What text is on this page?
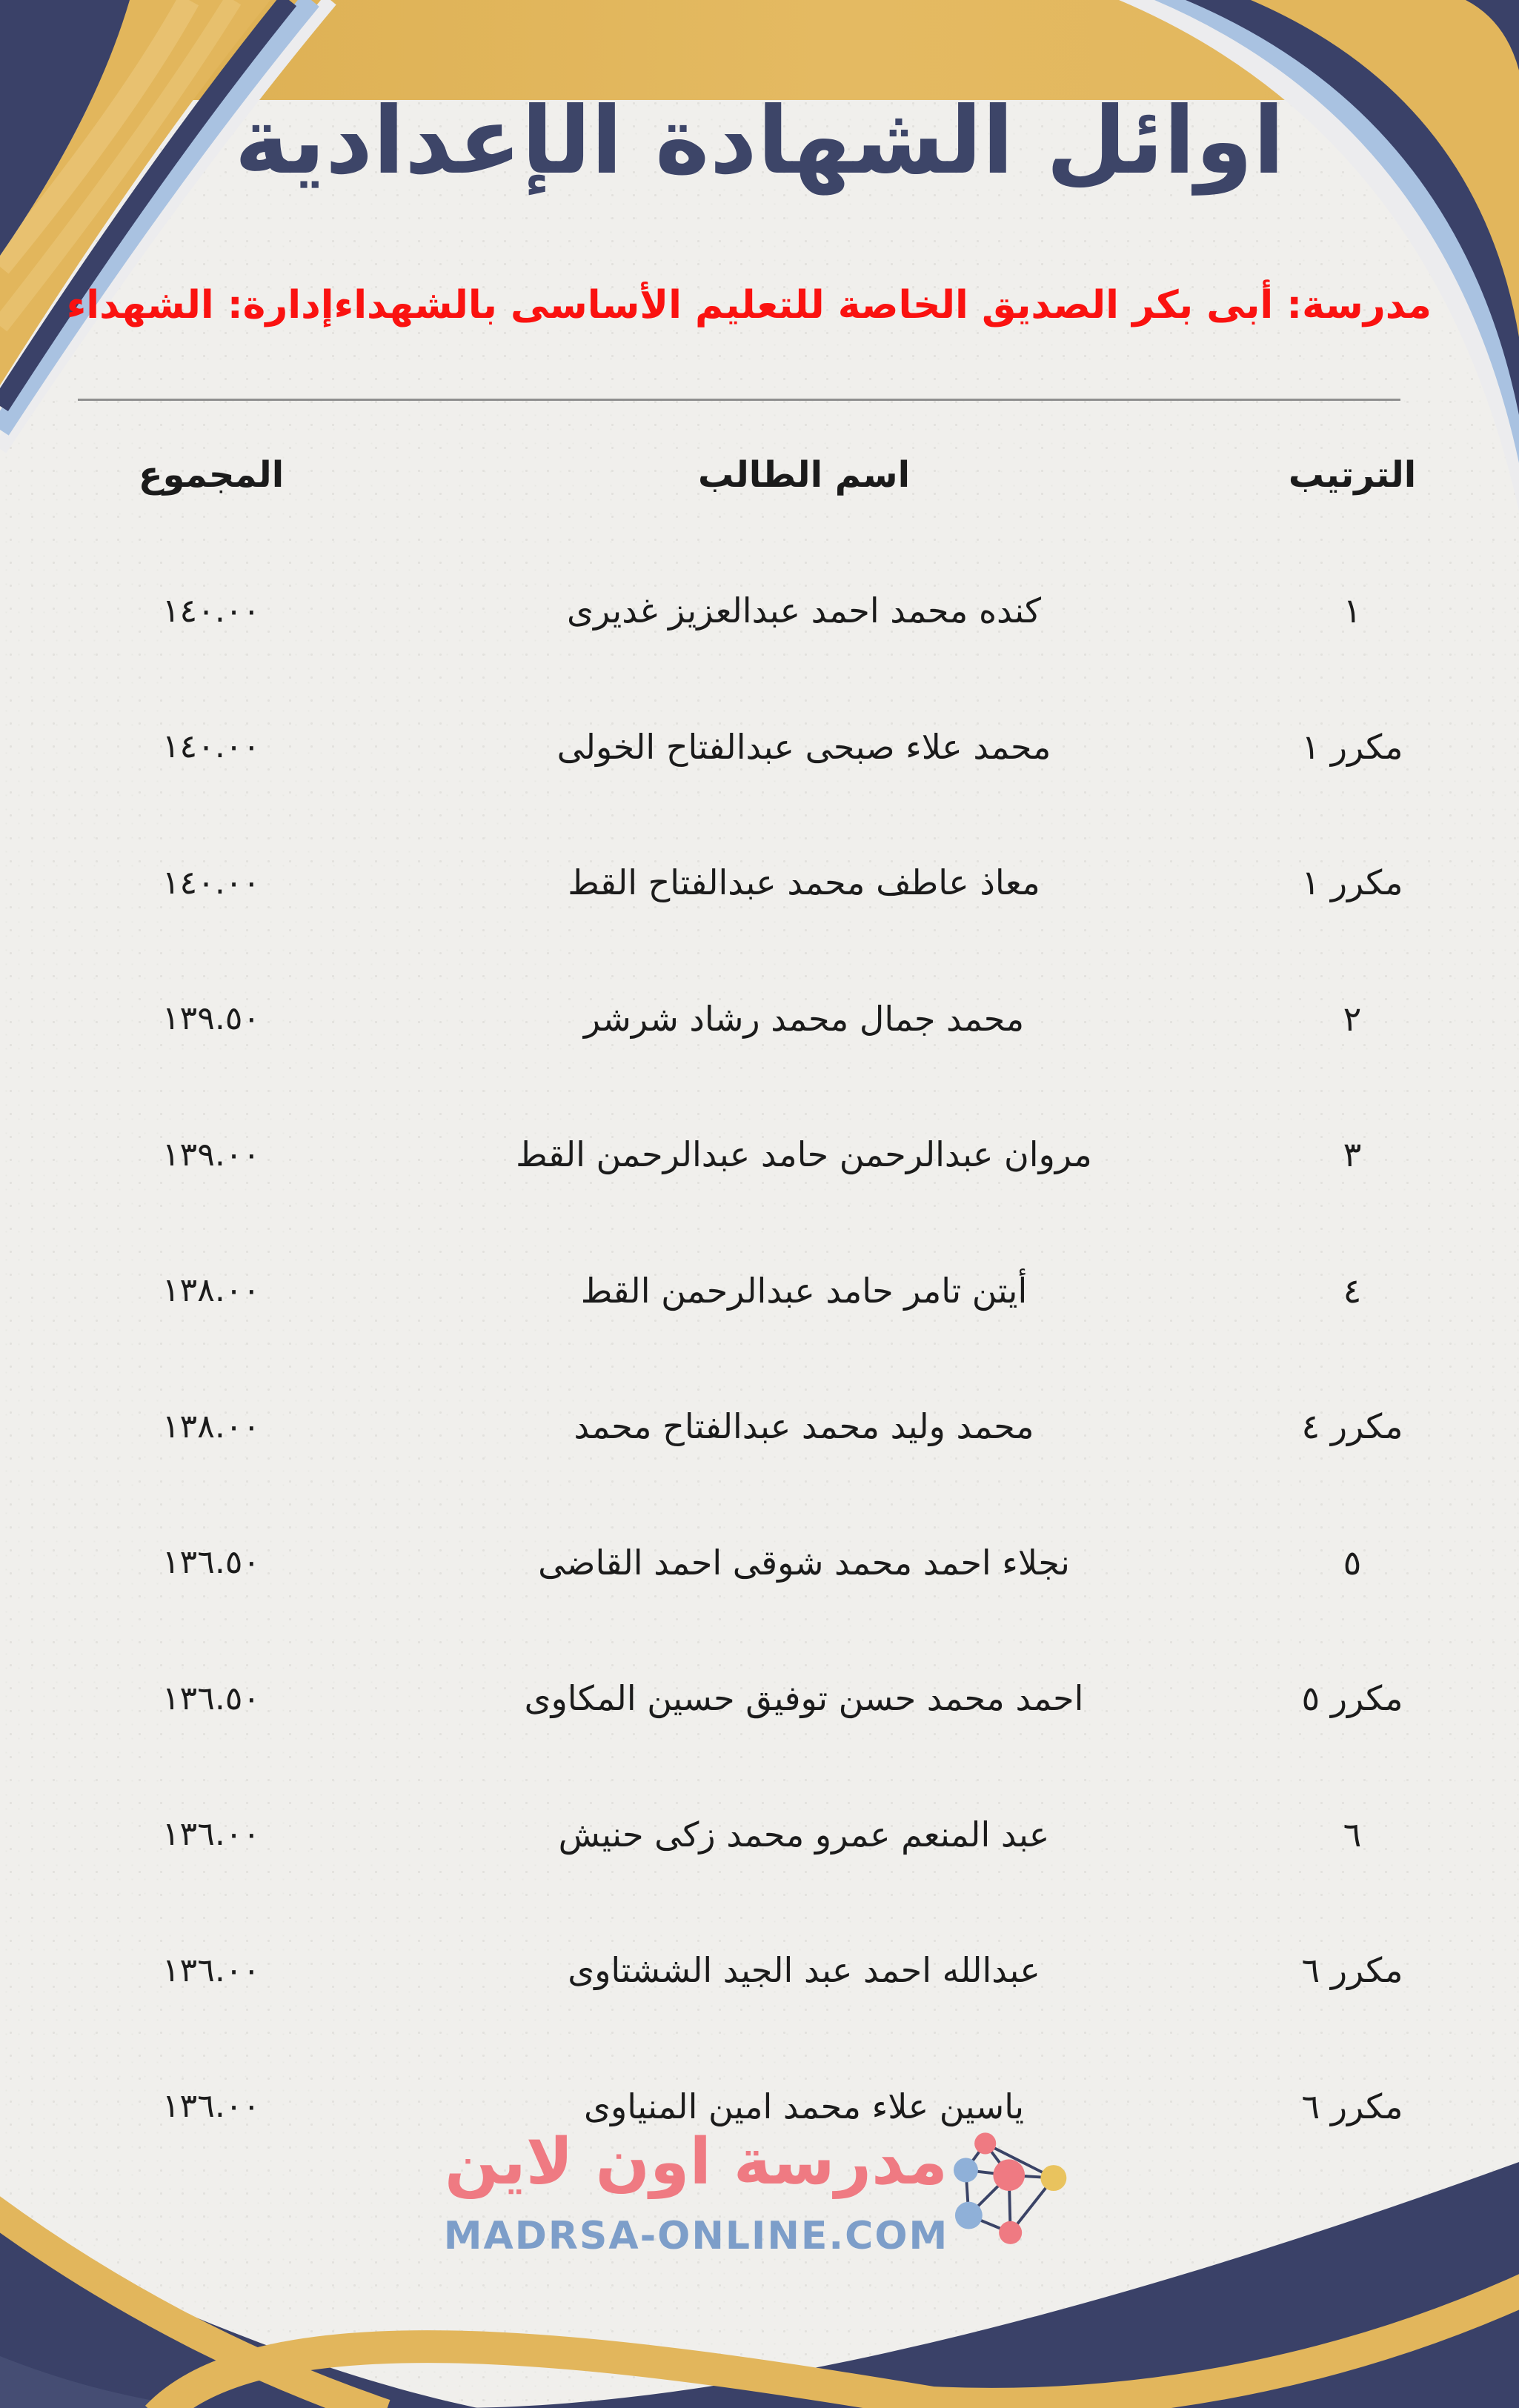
اوائل الشهادة الإعدادية
مدرسة: أبى بكر الصديق الخاصة للتعليم الأساسى بالشهداء
إدارة: الشهداء
الترتيب
اسم الطالب
المجموع
١
كنده محمد احمد عبدالعزيز غديرى
١٤٠.٠٠
مكرر ١
محمد علاء صبحى عبدالفتاح الخولى
١٤٠.٠٠
مكرر ١
معاذ عاطف محمد عبدالفتاح القط
١٤٠.٠٠
٢
محمد جمال محمد رشاد شرشر
١٣٩.٥٠
٣
مروان عبدالرحمن حامد عبدالرحمن القط
١٣٩.٠٠
٤
أيتن تامر حامد عبدالرحمن القط
١٣٨.٠٠
مكرر ٤
محمد وليد محمد عبدالفتاح محمد
١٣٨.٠٠
٥
نجلاء احمد محمد شوقى احمد القاضى
١٣٦.٥٠
مكرر ٥
احمد محمد حسن توفيق حسين المكاوى
١٣٦.٥٠
٦
عبد المنعم عمرو محمد زكى حنيش
١٣٦.٠٠
مكرر ٦
عبدالله احمد عبد الجيد الششتاوى
١٣٦.٠٠
مكرر ٦
ياسين علاء محمد امين المنياوى
١٣٦.٠٠
مدرسة اون لاين
MADRSA-ONLINE.COM
